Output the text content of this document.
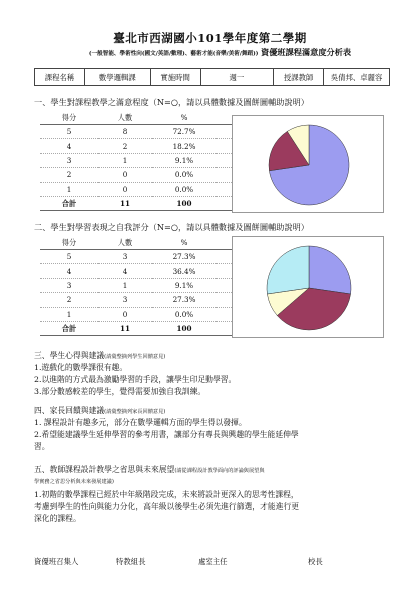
臺北市西湖國小101學年度第二學期
(一般智能、學術性向(國文/英語/數理)、藝術才能(音樂/美術/舞蹈)) 資優班課程滿意度分析表
課程名稱	數學邏輯課	實施時間	週一	授課教師	吳倩邦、卓麗容
一、學生對課程教學之滿意程度（N=○，請以具體數據及圖餅圖輔助說明）
得分	人數	%	
5	8	72.7%	
4	2	18.2%	
3	1	9.1%	
2	0	0.0%	
1	0	0.0%	
合計	11	100	
二、學生對學習表現之自我評分（N=○，請以具體數據及圖餅圖輔助說明）
得分	人數	%	
5	3	27.3%	
4	4	36.4%	
3	1	9.1%	
2	3	27.3%	
1	0	0.0%	
合計	11	100	
三、學生心得與建議(請彙整摘列學生回饋意見)
1.遊戲化的數學課很有趣。
2.以進階的方式最為激勵學習的手段，讓學生印足動學習。
3.部分數感較差的學生，覺得需要加強自我訓練。
四、家長回饋與建議(請彙整摘列家長回饋意見)
1. 課程設計有趣多元，部分在數學邏輯方面的學生得以發揮。
2.希望能建議學生延伸學習的參考用書，讓部分有專長與興趣的學生能延伸學
習。
五、教師課程設計教學之省思與未來展望(請從課程設計教學面向的評論與展望與
學實務之省思分析與未來發展建議)
1.初階的數學課程已經於中年級階段完成，未來將設計更深入的思考性課程，
考慮到學生的性向與能力分化，高年級以後學生必須先進行篩選，才能進行更
深化的課程。
資優班召集人	特教組長	處室主任	校長
